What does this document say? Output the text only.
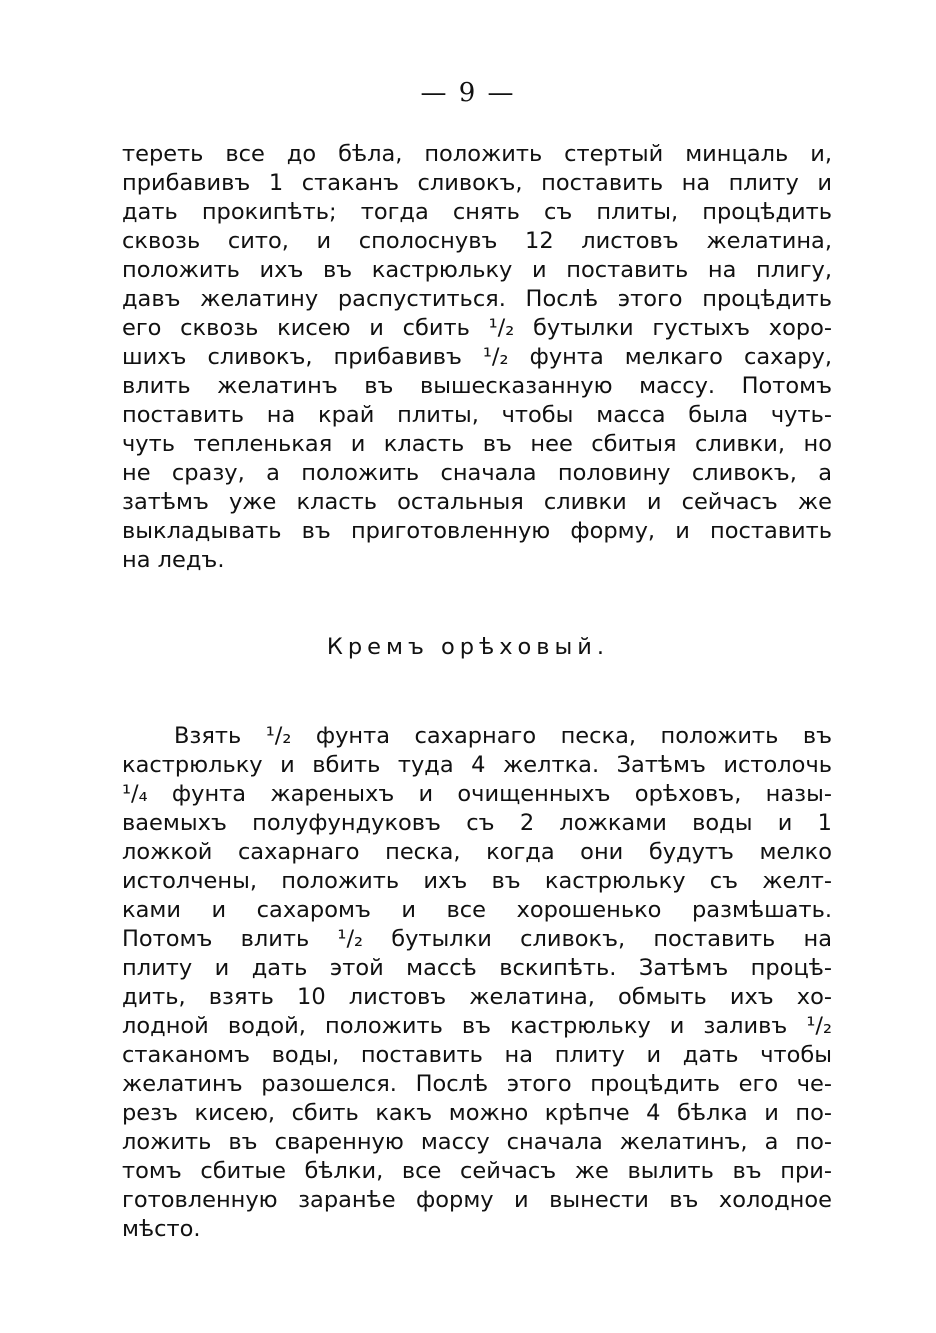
— 9 —
тереть все до бѣла, положить стертый минцаль и,
прибавивъ 1 стаканъ сливокъ, поставить на плиту и
дать прокипѣть; тогда снять съ плиты, процѣдить
сквозь сито, и сполоснувъ 12 листовъ желатина,
положить ихъ въ кастрюльку и поставить на плигу,
давъ желатину распуститься. Послѣ этого процѣдить
его сквозь кисею и сбить ¹/₂ бутылки густыхъ хоро-
шихъ сливокъ, прибавивъ ¹/₂ фунта мелкаго сахару,
влить желатинъ въ вышесказанную массу. Потомъ
поставить на край плиты, чтобы масса была чуть-
чуть тепленькая и класть въ нее сбитыя сливки, но
не сразу, а положить сначала половину сливокъ, а
затѣмъ уже класть остальныя сливки и сейчасъ же
выкладывать въ приготовленную форму, и поставить
на ледъ.
Кремъ орѣховый.
Взять ¹/₂ фунта сахарнаго песка, положить въ
кастрюльку и вбить туда 4 желтка. Затѣмъ истолочь
¹/₄ фунта жареныхъ и очищенныхъ орѣховъ, назы-
ваемыхъ полуфундуковъ съ 2 ложками воды и 1
ложкой сахарнаго песка, когда они будутъ мелко
истолчены, положить ихъ въ кастрюльку съ желт-
ками и сахаромъ и все хорошенько размѣшать.
Потомъ влить ¹/₂ бутылки сливокъ, поставить на
плиту и дать этой массѣ вскипѣть. Затѣмъ процѣ-
дить, взять 10 листовъ желатина, обмыть ихъ хо-
лодной водой, положить въ кастрюльку и заливъ ¹/₂
стаканомъ воды, поставить на плиту и дать чтобы
желатинъ разошелся. Послѣ этого процѣдить его че-
резъ кисею, сбить какъ можно крѣпче 4 бѣлка и по-
ложить въ сваренную массу сначала желатинъ, а по-
томъ сбитые бѣлки, все сейчасъ же вылить въ при-
готовленную заранѣе форму и вынести въ холодное
мѣсто.
